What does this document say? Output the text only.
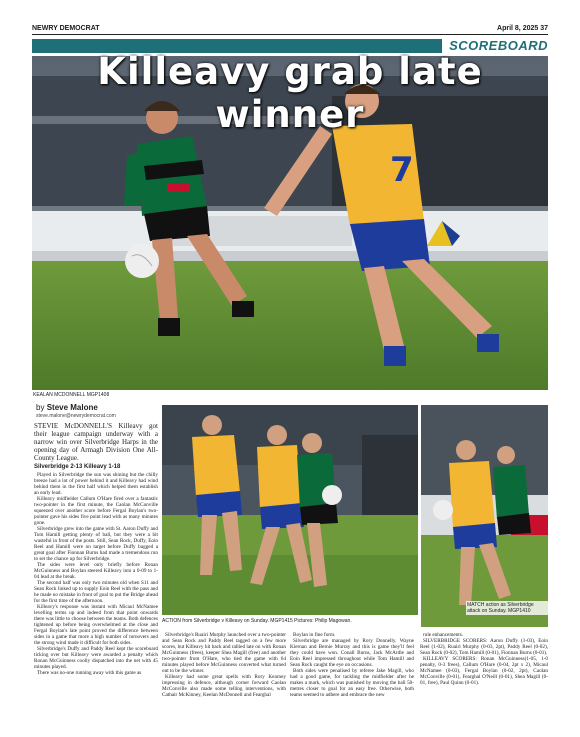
NEWRY DEMOCRAT	April 8, 2025 37
SCOREBOARD
7
Killeavy grab late winner
KEALAN MCDONNELL MGP1408
by Steve Malone
steve.malone@newrydemocrat.com

STEVIE McDONNELL'S Killeavy got their league campaign underway with a narrow win over Silverbridge Harps in the opening day of Armagh Division One All-County League.

Silverbridge 2-13 Killeavy 1-18

Played in Silverbridge the sun was shining but the chilly breeze had a lot of power behind it and Killeavy had wind behind them in the first half which helped them establish an early lead.

Killeavy midfielder Callum O'Hare fired over a fantastic two-pointer in the first minute, the Caolan McConville squeezed over another score before Fergal Boylan's two-pointer gave his sides five point lead with as many minutes gone.

Silverbridge grew into the game with St. Aaron Duffy and Tom Hamill getting plenty of ball, but they were a bit wasteful in front of the posts. Still, Sean Rock, Duffy, Eoin Reel and Hamill were on target before Duffy bagged a great goal after Fionnan Burns had made a tremendous run to set the chance up for Silverbridge.

The sides were level only briefly before Ronan McGuinness and Boylan steered Killeavy into a 0-09 to 1-04 lead at the break.

The second half was only two minutes old when S11 and Sean Rock linked up to supply Eoin Reel with the pass and he made no mistake in front of goal to put the Bridge ahead for the first time of the afternoon.

Killeavy's response was instant with Micaul McNamee levelling terms up and indeed from that point onwards there was little to choose between the teams. Both defences tightened up before being overwhelmed at the close and Fergal Boylan's late point proved the difference between sides in a game that more a high number of turnovers and the strong wind made it difficult for both sides.

Silverbridge's Duffy and Paddy Reel kept the scoreboard ticking over but Killeavy were awarded a penalty which Ronan McGuinness coolly dispatched into the net with 45 minutes played.

There was no-one running away with this game as

ACTION from Silverbridge v Killeavy on Sunday. MGP1415 Pictures: Philip Magowan.
MATCH action as Silverbridge attack on Sunday. MGP1410

Silverbridge's Ruairi Murphy launched over a two-pointer and Sean Rock and Paddy Reel tagged on a few more scores, but Killeavy hit back and rallied late on with Ronan McGuinness (frees), keeper Shea Magill (free) and another two-pointer from O'Hare, who tied the game with 64 minutes played before McGuinness converted what turned out to be the winner.

Killeavy had some great spells with Rory Kearney impressing in defence, although corner forward Caolan McConville also made some telling interventions, with Cathair McKinney, Keelan McDonnell and Fearghal

Boylan in fine form.

Silverbridge are managed by Rory Donnelly. Wayne Kiernan and Bernie Murray and this is game they'll feel they could have won. Conall Burns, Jack McArdle and Eoin Reel impressed throughout while Tom Hamill and Sean Rock caught the eye on occasions.

Both sides were penalised by referee Jake Magill, who had a good game, for tackling the midfielder after he makes a mark, which was punished by moving the ball 50-metres closer to goal for an easy free. Otherwise, both teams seemed to adhere and embrace the new

rule enhancements.

SILVERBRIDGE SCORERS: Aaron Duffy (1-03), Eoin Reel (1-02), Ruairi Murphy (0-03, 2pt), Paddy Reel (0-02), Sean Rock (0-02), Tom Hamill (0-01), Fionnan Burns (0-01).

KILLEAVY SCORERS: Ronan McGuinness(1-05, 1-0 penalty, 0-3 frees), Callum O'Hare (0-04, 2pt x 2), Micaul McNamee (0-03), Fergal Boylan (0-02, 2pt), Caolan McConville (0-01), Fearghal O'Neill (0-01), Shea Magill (0-01, free), Paul Quinn (0-01).
